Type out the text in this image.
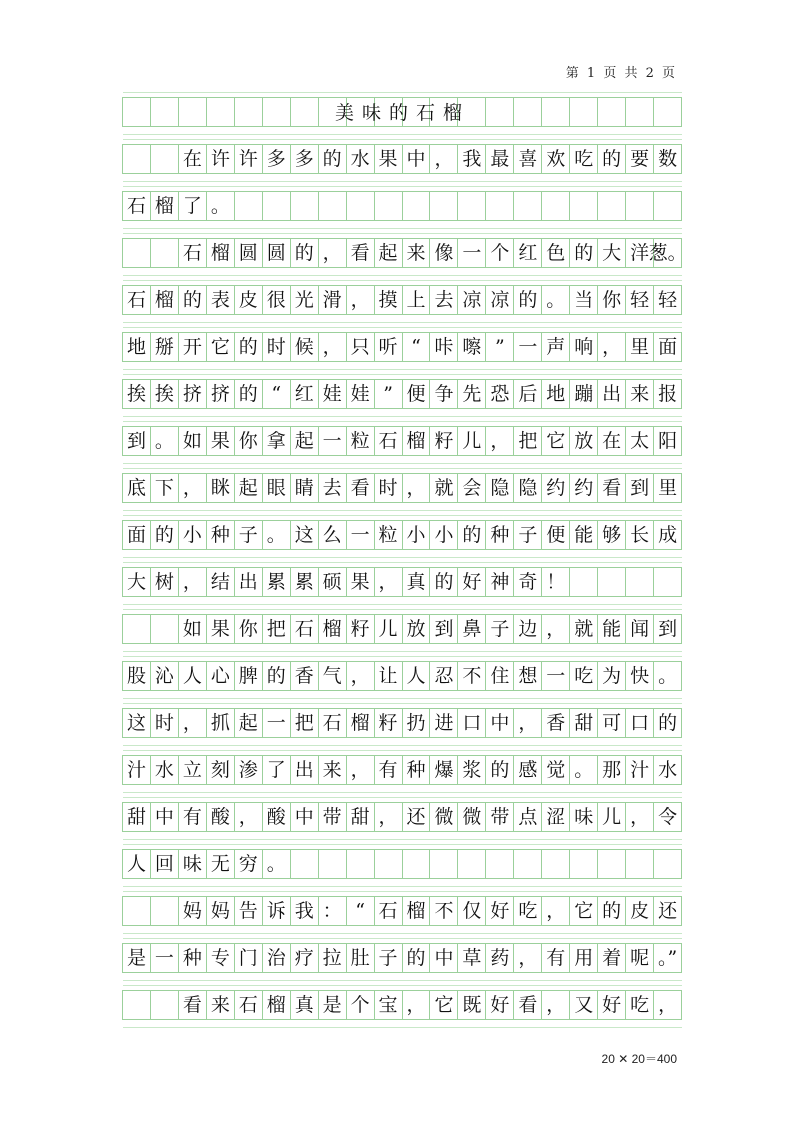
第 1 页 共 2 页
美味的石榴
在 许 许 多 多 的 水 果 中 ， 我 最 喜 欢 吃 的 要 数
石 榴 了 。
石 榴 圆 圆 的 ， 看 起 来 像 一 个 红 色 的 大 洋 葱。
石 榴 的 表 皮 很 光 滑 ， 摸 上 去 凉 凉 的 。 当 你 轻 轻
地 掰 开 它 的 时 候 ， 只 听 “ 咔 嚓 ” 一 声 响 ， 里 面
挨 挨 挤 挤 的 “ 红 娃 娃 ” 便 争 先 恐 后 地 蹦 出 来 报
到 。 如 果 你 拿 起 一 粒 石 榴 籽 儿 ， 把 它 放 在 太 阳
底 下 ， 眯 起 眼 睛 去 看 时 ， 就 会 隐 隐 约 约 看 到 里
面 的 小 种 子 。 这 么 一 粒 小 小 的 种 子 便 能 够 长 成
大 树 ， 结 出 累 累 硕 果 ， 真 的 好 神 奇 ！
如 果 你 把 石 榴 籽 儿 放 到 鼻 子 边 ， 就 能 闻 到
股 沁 人 心 脾 的 香 气 ， 让 人 忍 不 住 想 一 吃 为 快 。
这 时 ， 抓 起 一 把 石 榴 籽 扔 进 口 中 ， 香 甜 可 口 的
汁 水 立 刻 渗 了 出 来 ， 有 种 爆 浆 的 感 觉 。 那 汁 水
甜 中 有 酸 ， 酸 中 带 甜 ， 还 微 微 带 点 涩 味 儿 ， 令
人 回 味 无 穷 。
妈 妈 告 诉 我 ： “ 石 榴 不 仅 好 吃 ， 它 的 皮 还
是 一 种 专 门 治 疗 拉 肚 子 的 中 草 药 ， 有 用 着 呢 。”
看 来 石 榴 真 是 个 宝 ， 它 既 好 看 ， 又 好 吃 ，
20 ✕ 20＝400
